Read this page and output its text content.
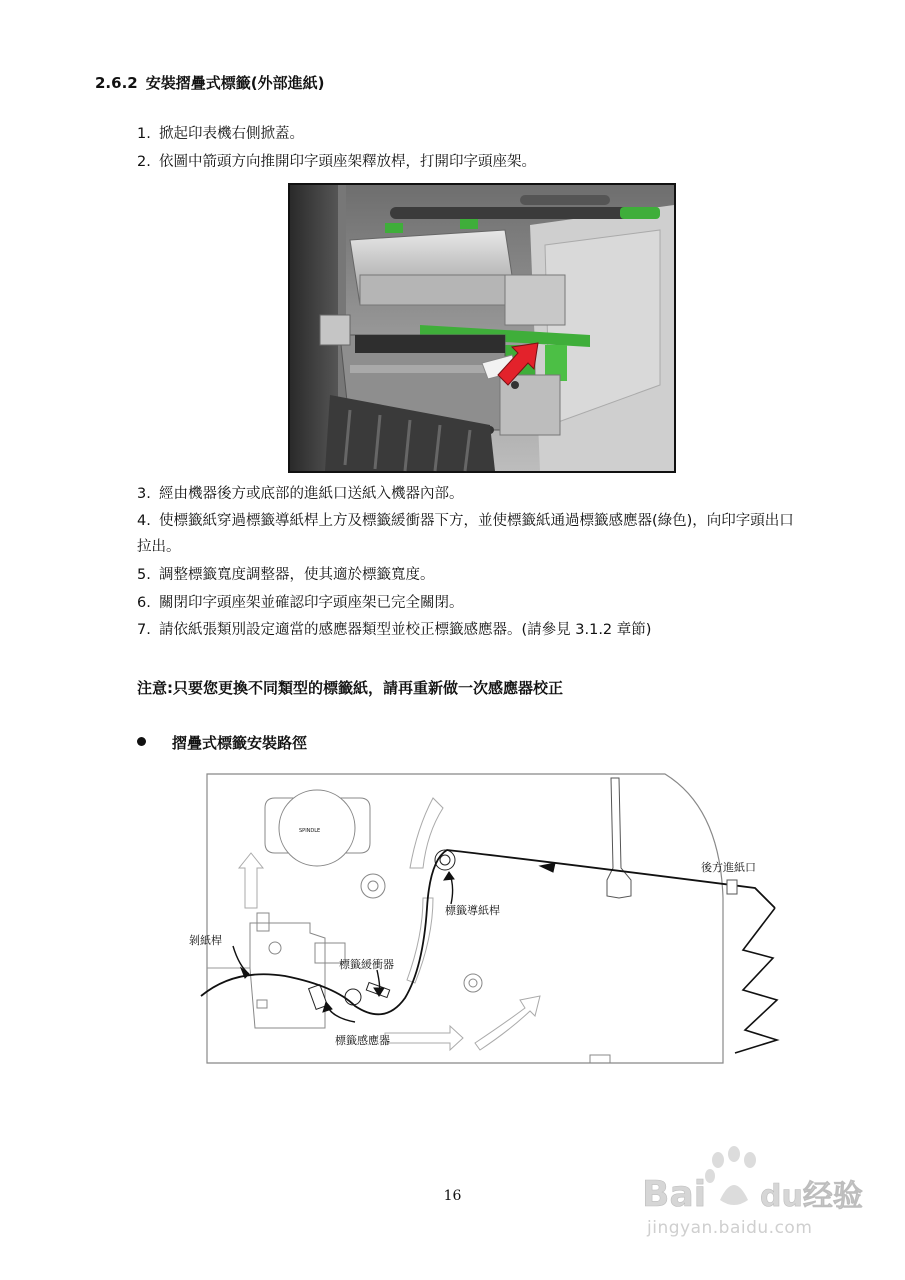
2.6.2 安裝摺疊式標籤(外部進紙)
1. 掀起印表機右側掀蓋。
2. 依圖中箭頭方向推開印字頭座架釋放桿，打開印字頭座架。
3. 經由機器後方或底部的進紙口送紙入機器內部。
4. 使標籤紙穿過標籤導紙桿上方及標籤緩衝器下方，並使標籤紙通過標籤感應器(綠色)，向印字頭出口拉出。
5. 調整標籤寬度調整器，使其適於標籤寬度。
6. 關閉印字頭座架並確認印字頭座架已完全關閉。
7. 請依紙張類別設定適當的感應器類型並校正標籤感應器。(請參見 3.1.2 章節)
注意:只要您更換不同類型的標籤紙，請再重新做一次感應器校正
摺疊式標籤安裝路徑
SPINDLE
後方進紙口
標籤導紙桿
剝紙桿
標籤緩衝器
標籤感應器
16	Bai du经验
jingyan.baidu.com
